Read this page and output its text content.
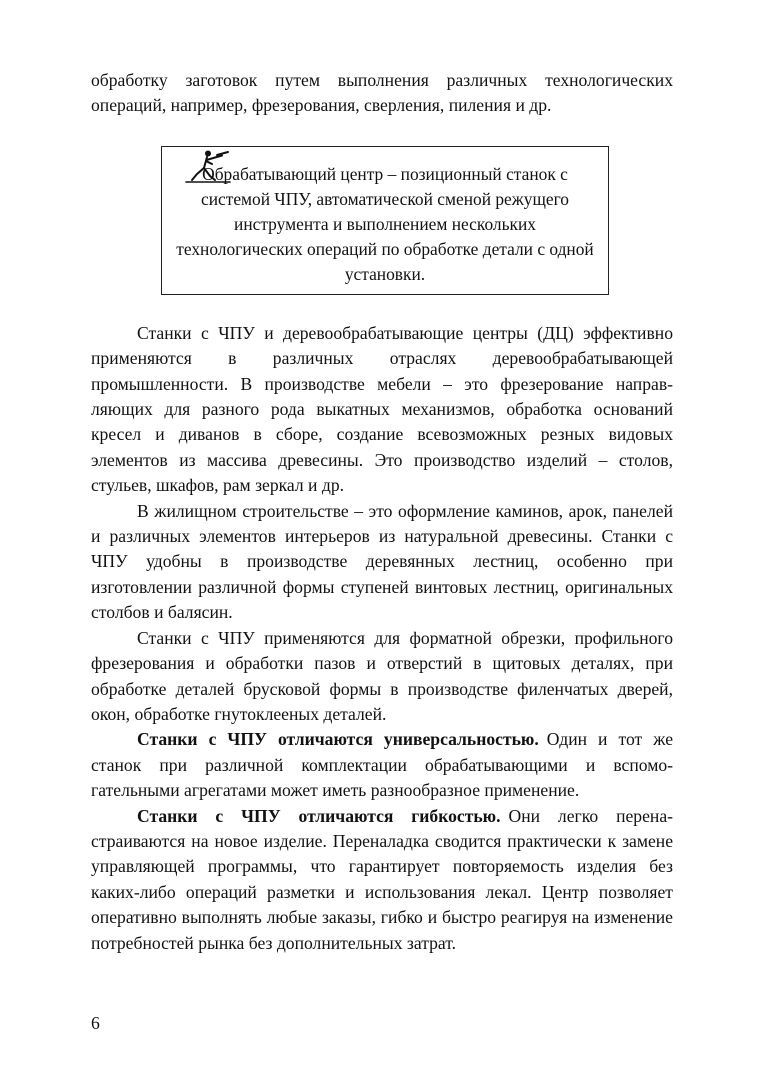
обработку заготовок путем выполнения различных технологических операций, например, фрезерования, сверления, пиления и др.

Обрабатывающий центр – позиционный станок с системой ЧПУ, автоматической сменой режущего инструмента и выполнением нескольких технологических операций по обработке детали с одной установки.

Станки с ЧПУ и деревообрабатывающие центры (ДЦ) эффективно применяются в различных отраслях деревообрабатывающей промышленности. В производстве мебели – это фрезерование направляющих для разного рода выкатных механизмов, обработка оснований кресел и диванов в сборе, создание всевозможных резных видовых элементов из массива древесины. Это производство изделий – столов, стульев, шкафов, рам зеркал и др.

В жилищном строительстве – это оформление каминов, арок, панелей и различных элементов интерьеров из натуральной древесины. Станки с ЧПУ удобны в производстве деревянных лестниц, особенно при изготовлении различной формы ступеней винтовых лестниц, оригинальных столбов и балясин.

Станки с ЧПУ применяются для форматной обрезки, профильного фрезерования и обработки пазов и отверстий в щитовых деталях, при обработке деталей брусковой формы в производстве филенчатых дверей, окон, обработке гнутоклееных деталей.

Станки с ЧПУ отличаются универсальностью. Один и тот же станок при различной комплектации обрабатывающими и вспомогательными агрегатами может иметь разнообразное применение.

Станки с ЧПУ отличаются гибкостью. Они легко перенастраиваются на новое изделие. Переналадка сводится практически к замене управляющей программы, что гарантирует повторяемость изделия без каких-либо операций разметки и использования лекал. Центр позволяет оперативно выполнять любые заказы, гибко и быстро реагируя на изменение потребностей рынка без дополнительных затрат.

6
